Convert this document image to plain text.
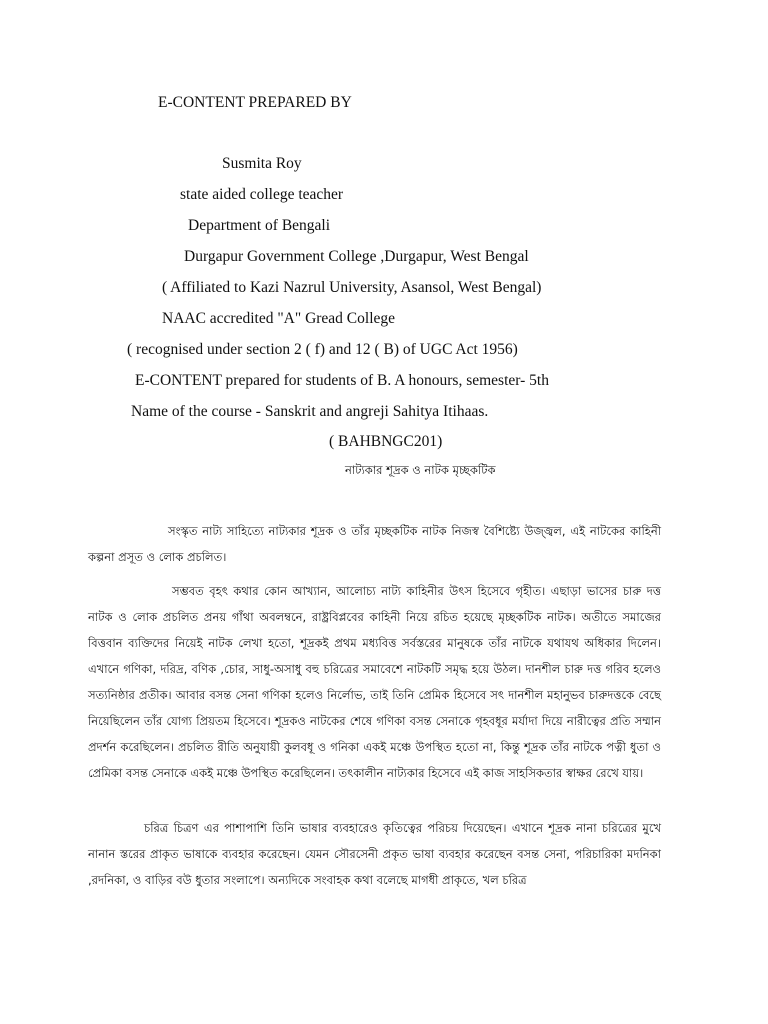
E-CONTENT PREPARED BY
Susmita Roy
state aided college teacher
Department of Bengali
Durgapur Government College ,Durgapur, West Bengal
( Affiliated to Kazi Nazrul University, Asansol, West Bengal)
NAAC accredited "A" Gread College
( recognised under section 2 ( f) and 12 ( B) of UGC Act 1956)
E-CONTENT prepared for students of B. A honours, semester- 5th
Name of the course - Sanskrit and angreji Sahitya Itihaas.
( BAHBNGC201)
নাট্যকার শূদ্রক ও নাটক মৃচ্ছকটিক
সংস্কৃত নাট্য সাহিত্যে নাট্যকার শূদ্রক ও তাঁর মৃচ্ছকটিক নাটক নিজস্ব বৈশিষ্ট্যে উজ্জ্বল, এই নাটকের কাহিনী কল্পনা প্রসূত ও লোক প্রচলিত।
সম্ভবত বৃহৎ কথার কোন আখ্যান, আলোচ্য নাট্য কাহিনীর উৎস হিসেবে গৃহীত। এছাড়া ভাসের চারু দত্ত নাটক ও লোক প্রচলিত প্রনয় গাঁথা অবলম্বনে, রাষ্ট্রবিপ্লবের কাহিনী নিয়ে রচিত হয়েছে মৃচ্ছকটিক নাটক। অতীতে সমাজের বিত্তবান ব্যক্তিদের নিয়েই নাটক লেখা হতো, শূদ্রকই প্রথম মধ্যবিত্ত সর্বস্তরের মানুষকে তাঁর নাটকে যথাযথ অধিকার দিলেন। এখানে গণিকা, দরিদ্র, বণিক ,চোর, সাধু-অসাধু বহু চরিত্রের সমাবেশে নাটকটি সমৃদ্ধ হয়ে উঠল। দানশীল চারু দত্ত গরিব হলেও সত্যনিষ্ঠার প্রতীক। আবার বসন্ত সেনা গণিকা হলেও নির্লোভ, তাই তিনি প্রেমিক হিসেবে সৎ দানশীল মহানুভব চারুদত্তকে বেছে নিয়েছিলেন তাঁর যোগ্য প্রিয়তম হিসেবে। শূদ্রকও নাটকের শেষে গণিকা বসন্ত সেনাকে গৃহবধূর মর্যাদা দিয়ে নারীত্বের প্রতি সম্মান প্রদর্শন করেছিলেন। প্রচলিত রীতি অনুযায়ী কুলবধূ ও গনিকা একই মঞ্চে উপস্থিত হতো না, কিন্তু শূদ্রক তাঁর নাটকে পত্নী ধুতা ও প্রেমিকা বসন্ত সেনাকে একই মঞ্চে উপস্থিত করেছিলেন। তৎকালীন নাট্যকার হিসেবে এই কাজ সাহসিকতার স্বাক্ষর রেখে যায়।
চরিত্র চিত্রণ এর পাশাপাশি তিনি ভাষার ব্যবহারেও কৃতিত্বের পরিচয় দিয়েছেন। এখানে শূদ্রক নানা চরিত্রের মুখে নানান স্তরের প্রাকৃত ভাষাকে ব্যবহার করেছেন। যেমন সৌরসেনী প্রকৃত ভাষা ব্যবহার করেছেন বসন্ত সেনা, পরিচারিকা মদনিকা ,রদনিকা, ও বাড়ির বউ ধুতার সংলাপে। অন্যদিকে সংবাহক কথা বলেছে মাগধী প্রাকৃতে, খল চরিত্র
